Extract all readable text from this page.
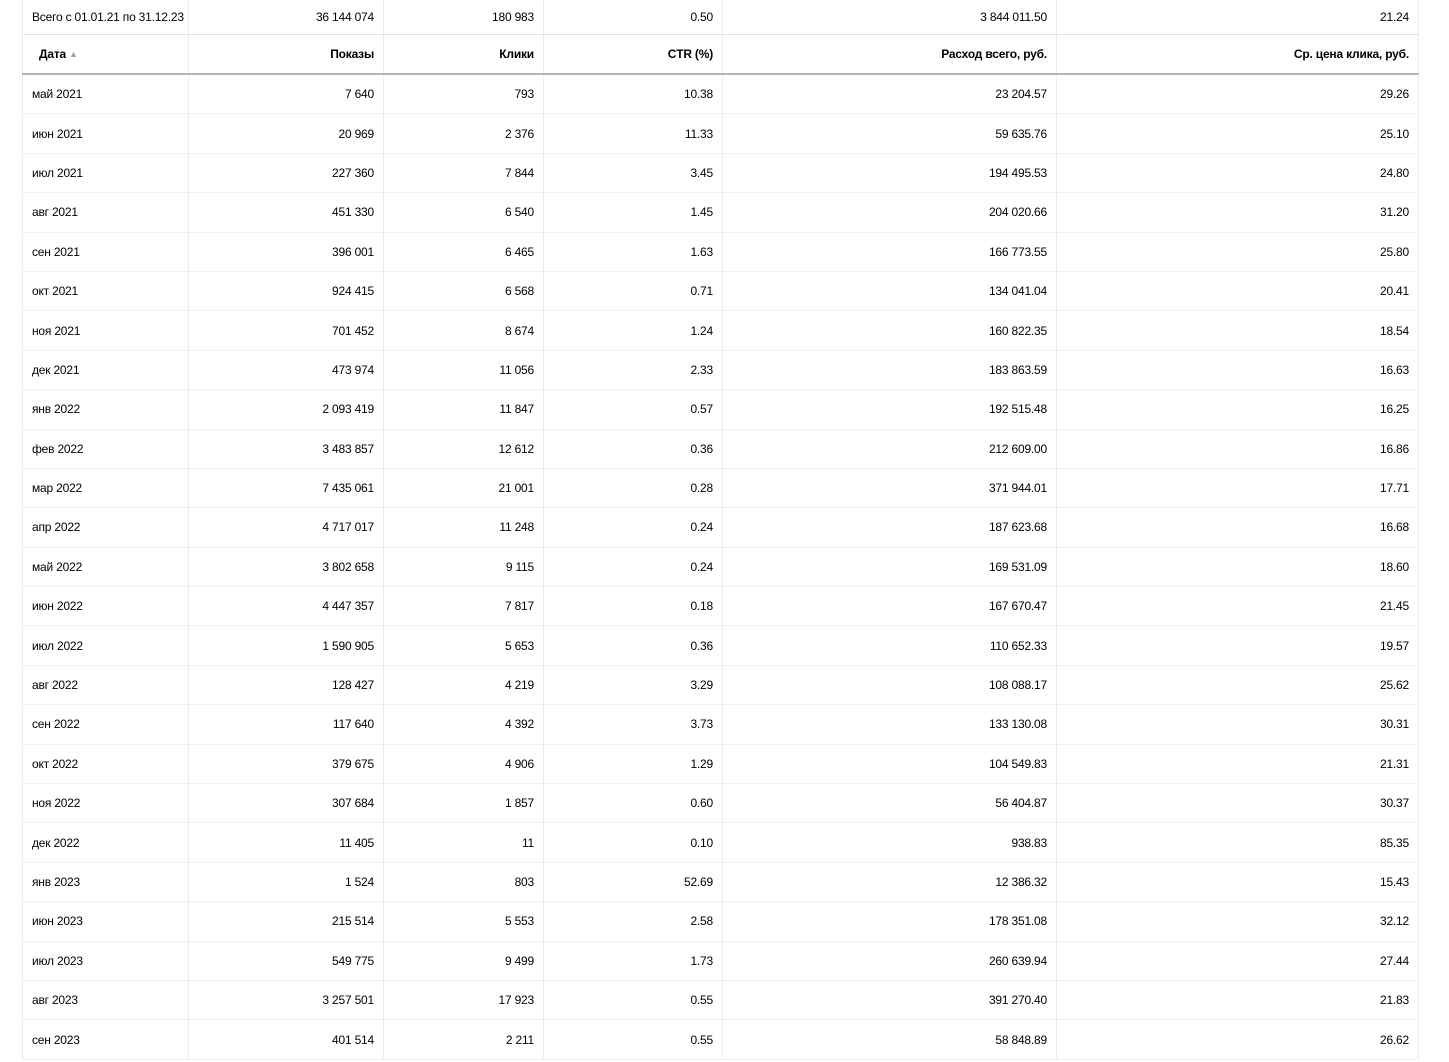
Всего с 01.01.21 по 31.12.23	36 144 074	180 983	0.50	3 844 011.50	21.24
Дата ▲	Показы	Клики	CTR (%)	Расход всего, руб.	Ср. цена клика, руб.
май 2021	7 640	793	10.38	23 204.57	29.26
июн 2021	20 969	2 376	11.33	59 635.76	25.10
июл 2021	227 360	7 844	3.45	194 495.53	24.80
авг 2021	451 330	6 540	1.45	204 020.66	31.20
сен 2021	396 001	6 465	1.63	166 773.55	25.80
окт 2021	924 415	6 568	0.71	134 041.04	20.41
ноя 2021	701 452	8 674	1.24	160 822.35	18.54
дек 2021	473 974	11 056	2.33	183 863.59	16.63
янв 2022	2 093 419	11 847	0.57	192 515.48	16.25
фев 2022	3 483 857	12 612	0.36	212 609.00	16.86
мар 2022	7 435 061	21 001	0.28	371 944.01	17.71
апр 2022	4 717 017	11 248	0.24	187 623.68	16.68
май 2022	3 802 658	9 115	0.24	169 531.09	18.60
июн 2022	4 447 357	7 817	0.18	167 670.47	21.45
июл 2022	1 590 905	5 653	0.36	110 652.33	19.57
авг 2022	128 427	4 219	3.29	108 088.17	25.62
сен 2022	117 640	4 392	3.73	133 130.08	30.31
окт 2022	379 675	4 906	1.29	104 549.83	21.31
ноя 2022	307 684	1 857	0.60	56 404.87	30.37
дек 2022	11 405	11	0.10	938.83	85.35
янв 2023	1 524	803	52.69	12 386.32	15.43
июн 2023	215 514	5 553	2.58	178 351.08	32.12
июл 2023	549 775	9 499	1.73	260 639.94	27.44
авг 2023	3 257 501	17 923	0.55	391 270.40	21.83
сен 2023	401 514	2 211	0.55	58 848.89	26.62
